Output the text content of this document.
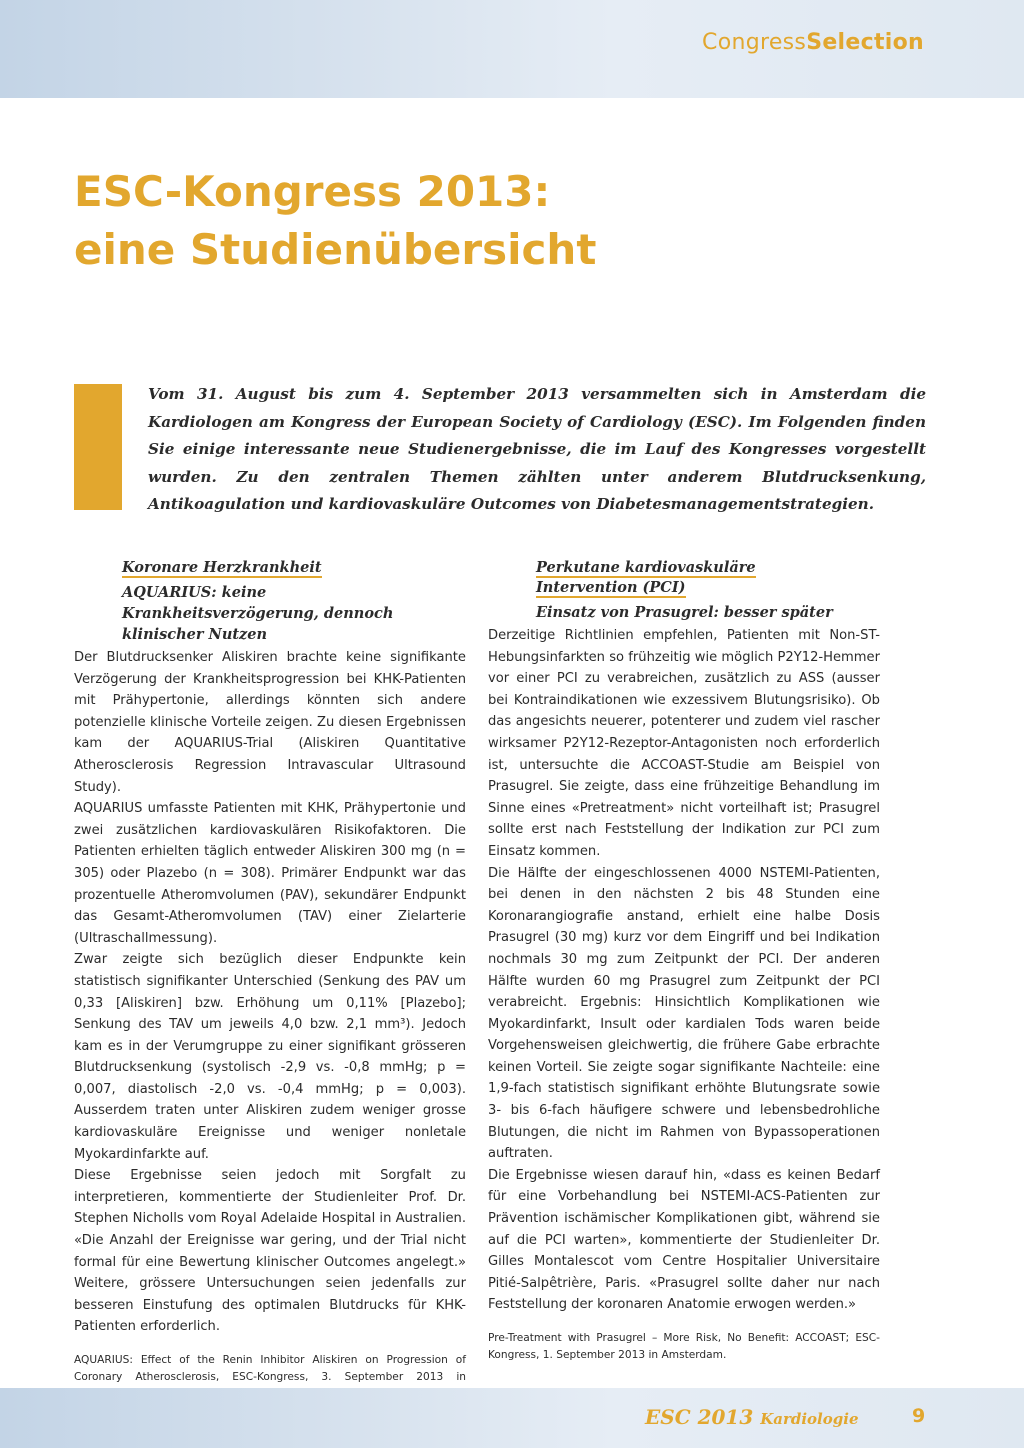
CongressSelection
ESC-Kongress 2013:
eine Studienübersicht
Vom 31. August bis zum 4. September 2013 versammelten sich in Amsterdam die Kardiologen am Kongress der European Society of Cardiology (ESC). Im Folgenden finden Sie einige interessante neue Studienergebnisse, die im Lauf des Kongresses vorgestellt wurden. Zu den zentralen Themen zählten unter anderem Blutdrucksenkung, Antikoagulation und kardiovaskuläre Outcomes von Diabetesmanagementstrategien.
Koronare Herzkrankheit
AQUARIUS: keine Krankheitsverzögerung, dennoch klinischer Nutzen

Der Blutdrucksenker Aliskiren brachte keine signifikante Verzögerung der Krankheitsprogression bei KHK-Patienten mit Prähypertonie, allerdings könnten sich andere potenzielle klinische Vorteile zeigen. Zu diesen Ergebnissen kam der AQUARIUS-Trial (Aliskiren Quantitative Atherosclerosis Regression Intravascular Ultrasound Study).

AQUARIUS umfasste Patienten mit KHK, Prähypertonie und zwei zusätzlichen kardiovaskulären Risikofaktoren. Die Patienten erhielten täglich entweder Aliskiren 300 mg (n = 305) oder Plazebo (n = 308). Primärer Endpunkt war das prozentuelle Atheromvolumen (PAV), sekundärer Endpunkt das Gesamt-Atheromvolumen (TAV) einer Zielarterie (Ultraschallmessung).

Zwar zeigte sich bezüglich dieser Endpunkte kein statistisch signifikanter Unterschied (Senkung des PAV um 0,33 [Aliskiren] bzw. Erhöhung um 0,11% [Plazebo]; Senkung des TAV um jeweils 4,0 bzw. 2,1 mm³). Jedoch kam es in der Verumgruppe zu einer signifikant grösseren Blutdrucksenkung (systolisch -2,9 vs. -0,8 mmHg; p = 0,007, diastolisch -2,0 vs. -0,4 mmHg; p = 0,003). Ausserdem traten unter Aliskiren zudem weniger grosse kardiovaskuläre Ereignisse und weniger nonletale Myokardinfarkte auf.

Diese Ergebnisse seien jedoch mit Sorgfalt zu interpretieren, kommentierte der Studienleiter Prof. Dr. Stephen Nicholls vom Royal Adelaide Hospital in Australien. «Die Anzahl der Ereignisse war gering, und der Trial nicht formal für eine Bewertung klinischer Outcomes angelegt.» Weitere, grössere Untersuchungen seien jedenfalls zur besseren Einstufung des optimalen Blutdrucks für KHK-Patienten erforderlich.

AQUARIUS: Effect of the Renin Inhibitor Aliskiren on Progression of Coronary Atherosclerosis, ESC-Kongress, 3. September 2013 in
Perkutane kardiovaskuläre
Intervention (PCI)
Einsatz von Prasugrel: besser später

Derzeitige Richtlinien empfehlen, Patienten mit Non-ST-Hebungsinfarkten so frühzeitig wie möglich P2Y12-Hemmer vor einer PCI zu verabreichen, zusätzlich zu ASS (ausser bei Kontraindikationen wie exzessivem Blutungsrisiko). Ob das angesichts neuerer, potenterer und zudem viel rascher wirksamer P2Y12-Rezeptor-Antagonisten noch erforderlich ist, untersuchte die ACCOAST-Studie am Beispiel von Prasugrel. Sie zeigte, dass eine frühzeitige Behandlung im Sinne eines «Pretreatment» nicht vorteilhaft ist; Prasugrel sollte erst nach Feststellung der Indikation zur PCI zum Einsatz kommen.

Die Hälfte der eingeschlossenen 4000 NSTEMI-Patienten, bei denen in den nächsten 2 bis 48 Stunden eine Koronarangiografie anstand, erhielt eine halbe Dosis Prasugrel (30 mg) kurz vor dem Eingriff und bei Indikation nochmals 30 mg zum Zeitpunkt der PCI. Der anderen Hälfte wurden 60 mg Prasugrel zum Zeitpunkt der PCI verabreicht. Ergebnis: Hinsichtlich Komplikationen wie Myokardinfarkt, Insult oder kardialen Tods waren beide Vorgehensweisen gleichwertig, die frühere Gabe erbrachte keinen Vorteil. Sie zeigte sogar signifikante Nachteile: eine 1,9-fach statistisch signifikant erhöhte Blutungsrate sowie 3- bis 6-fach häufigere schwere und lebensbedrohliche Blutungen, die nicht im Rahmen von Bypassoperationen auftraten.

Die Ergebnisse wiesen darauf hin, «dass es keinen Bedarf für eine Vorbehandlung bei NSTEMI-ACS-Patienten zur Prävention ischämischer Komplikationen gibt, während sie auf die PCI warten», kommentierte der Studienleiter Dr. Gilles Montalescot vom Centre Hospitalier Universitaire Pitié-Salpêtrière, Paris. «Prasugrel sollte daher nur nach Feststellung der koronaren Anatomie erwogen werden.»

Pre-Treatment with Prasugrel – More Risk, No Benefit: ACCOAST; ESC-Kongress, 1. September 2013 in Amsterdam.
ESC 2013 Kardiologie	9
